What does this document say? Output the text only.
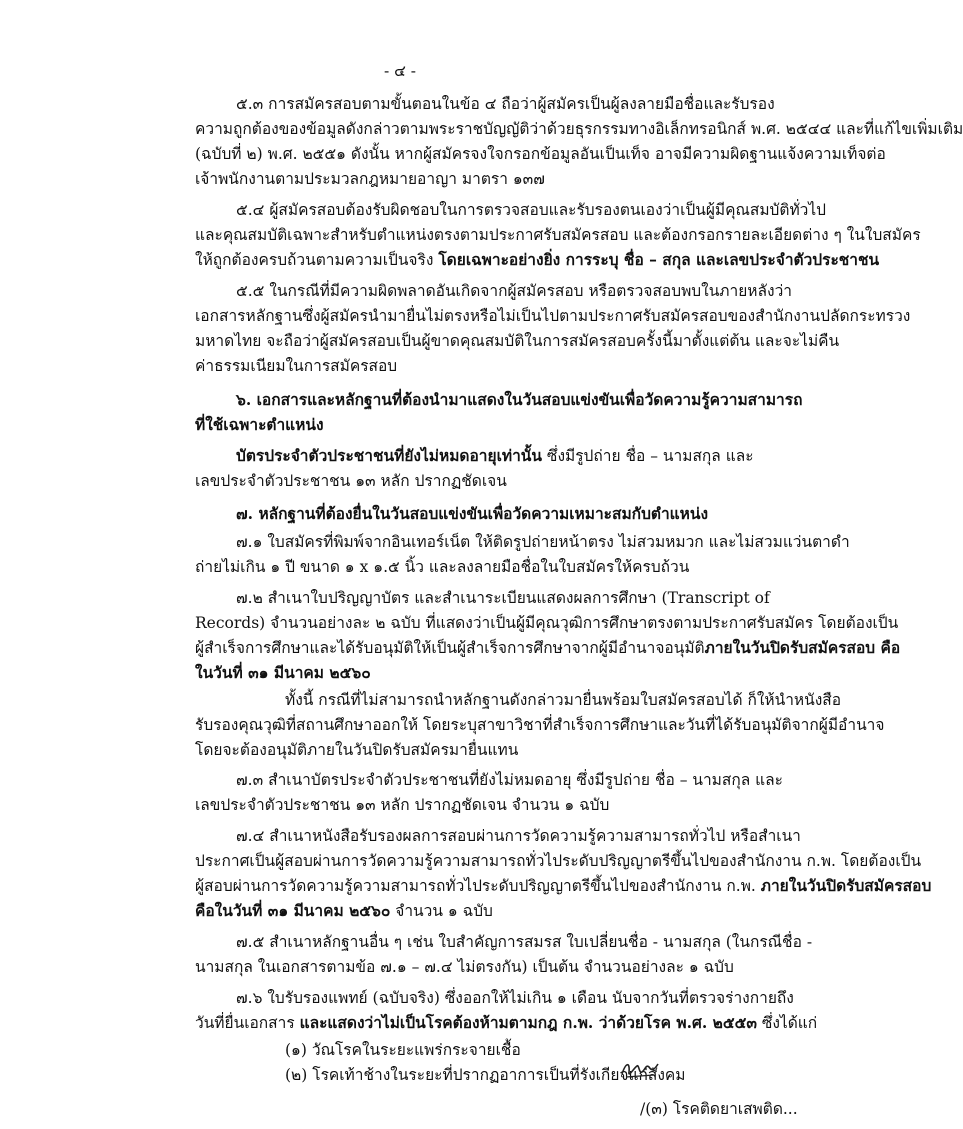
- ๔ -
๕.๓ การสมัครสอบตามขั้นตอนในข้อ ๔ ถือว่าผู้สมัครเป็นผู้ลงลายมือชื่อและรับรอง
ความถูกต้องของข้อมูลดังกล่าวตามพระราชบัญญัติว่าด้วยธุรกรรมทางอิเล็กทรอนิกส์ พ.ศ. ๒๕๔๔ และที่แก้ไขเพิ่มเติม
(ฉบับที่ ๒) พ.ศ. ๒๕๕๑ ดังนั้น หากผู้สมัครจงใจกรอกข้อมูลอันเป็นเท็จ อาจมีความผิดฐานแจ้งความเท็จต่อ
เจ้าพนักงานตามประมวลกฎหมายอาญา มาตรา ๑๓๗
๕.๔ ผู้สมัครสอบต้องรับผิดชอบในการตรวจสอบและรับรองตนเองว่าเป็นผู้มีคุณสมบัติทั่วไป
และคุณสมบัติเฉพาะสำหรับตำแหน่งตรงตามประกาศรับสมัครสอบ และต้องกรอกรายละเอียดต่าง ๆ ในใบสมัคร
ให้ถูกต้องครบถ้วนตามความเป็นจริง โดยเฉพาะอย่างยิ่ง การระบุ ชื่อ – สกุล และเลขประจำตัวประชาชน
๕.๕ ในกรณีที่มีความผิดพลาดอันเกิดจากผู้สมัครสอบ หรือตรวจสอบพบในภายหลังว่า
เอกสารหลักฐานซึ่งผู้สมัครนำมายื่นไม่ตรงหรือไม่เป็นไปตามประกาศรับสมัครสอบของสำนักงานปลัดกระทรวง
มหาดไทย จะถือว่าผู้สมัครสอบเป็นผู้ขาดคุณสมบัติในการสมัครสอบครั้งนี้มาตั้งแต่ต้น และจะไม่คืน
ค่าธรรมเนียมในการสมัครสอบ
๖. เอกสารและหลักฐานที่ต้องนำมาแสดงในวันสอบแข่งขันเพื่อวัดความรู้ความสามารถ
ที่ใช้เฉพาะตำแหน่ง
บัตรประจำตัวประชาชนที่ยังไม่หมดอายุเท่านั้น ซึ่งมีรูปถ่าย ชื่อ – นามสกุล และ
เลขประจำตัวประชาชน ๑๓ หลัก ปรากฏชัดเจน
๗. หลักฐานที่ต้องยื่นในวันสอบแข่งขันเพื่อวัดความเหมาะสมกับตำแหน่ง
๗.๑ ใบสมัครที่พิมพ์จากอินเทอร์เน็ต ให้ติดรูปถ่ายหน้าตรง ไม่สวมหมวก และไม่สวมแว่นตาดำ
ถ่ายไม่เกิน ๑ ปี ขนาด ๑ x ๑.๕ นิ้ว และลงลายมือชื่อในใบสมัครให้ครบถ้วน
๗.๒ สำเนาใบปริญญาบัตร และสำเนาระเบียนแสดงผลการศึกษา (Transcript of
Records) จำนวนอย่างละ ๒ ฉบับ ที่แสดงว่าเป็นผู้มีคุณวุฒิการศึกษาตรงตามประกาศรับสมัคร โดยต้องเป็น
ผู้สำเร็จการศึกษาและได้รับอนุมัติให้เป็นผู้สำเร็จการศึกษาจากผู้มีอำนาจอนุมัติภายในวันปิดรับสมัครสอบ คือ
ในวันที่ ๓๑ มีนาคม ๒๕๖๐
ทั้งนี้ กรณีที่ไม่สามารถนำหลักฐานดังกล่าวมายื่นพร้อมใบสมัครสอบได้ ก็ให้นำหนังสือ
รับรองคุณวุฒิที่สถานศึกษาออกให้ โดยระบุสาขาวิชาที่สำเร็จการศึกษาและวันที่ได้รับอนุมัติจากผู้มีอำนาจ
โดยจะต้องอนุมัติภายในวันปิดรับสมัครมายื่นแทน
๗.๓ สำเนาบัตรประจำตัวประชาชนที่ยังไม่หมดอายุ ซึ่งมีรูปถ่าย ชื่อ – นามสกุล และ
เลขประจำตัวประชาชน ๑๓ หลัก ปรากฏชัดเจน จำนวน ๑ ฉบับ
๗.๔ สำเนาหนังสือรับรองผลการสอบผ่านการวัดความรู้ความสามารถทั่วไป หรือสำเนา
ประกาศเป็นผู้สอบผ่านการวัดความรู้ความสามารถทั่วไประดับปริญญาตรีขึ้นไปของสำนักงาน ก.พ. โดยต้องเป็น
ผู้สอบผ่านการวัดความรู้ความสามารถทั่วไประดับปริญญาตรีขึ้นไปของสำนักงาน ก.พ. ภายในวันปิดรับสมัครสอบ
คือในวันที่ ๓๑ มีนาคม ๒๕๖๐ จำนวน ๑ ฉบับ
๗.๕ สำเนาหลักฐานอื่น ๆ เช่น ใบสำคัญการสมรส ใบเปลี่ยนชื่อ - นามสกุล (ในกรณีชื่อ -
นามสกุล ในเอกสารตามข้อ ๗.๑ – ๗.๔ ไม่ตรงกัน) เป็นต้น จำนวนอย่างละ ๑ ฉบับ
๗.๖ ใบรับรองแพทย์ (ฉบับจริง) ซึ่งออกให้ไม่เกิน ๑ เดือน นับจากวันที่ตรวจร่างกายถึง
วันที่ยื่นเอกสาร และแสดงว่าไม่เป็นโรคต้องห้ามตามกฎ ก.พ. ว่าด้วยโรค พ.ศ. ๒๕๕๓ ซึ่งได้แก่
(๑) วัณโรคในระยะแพร่กระจายเชื้อ
(๒) โรคเท้าช้างในระยะที่ปรากฏอาการเป็นที่รังเกียจแก่สังคม
/(๓) โรคติดยาเสพติด...
